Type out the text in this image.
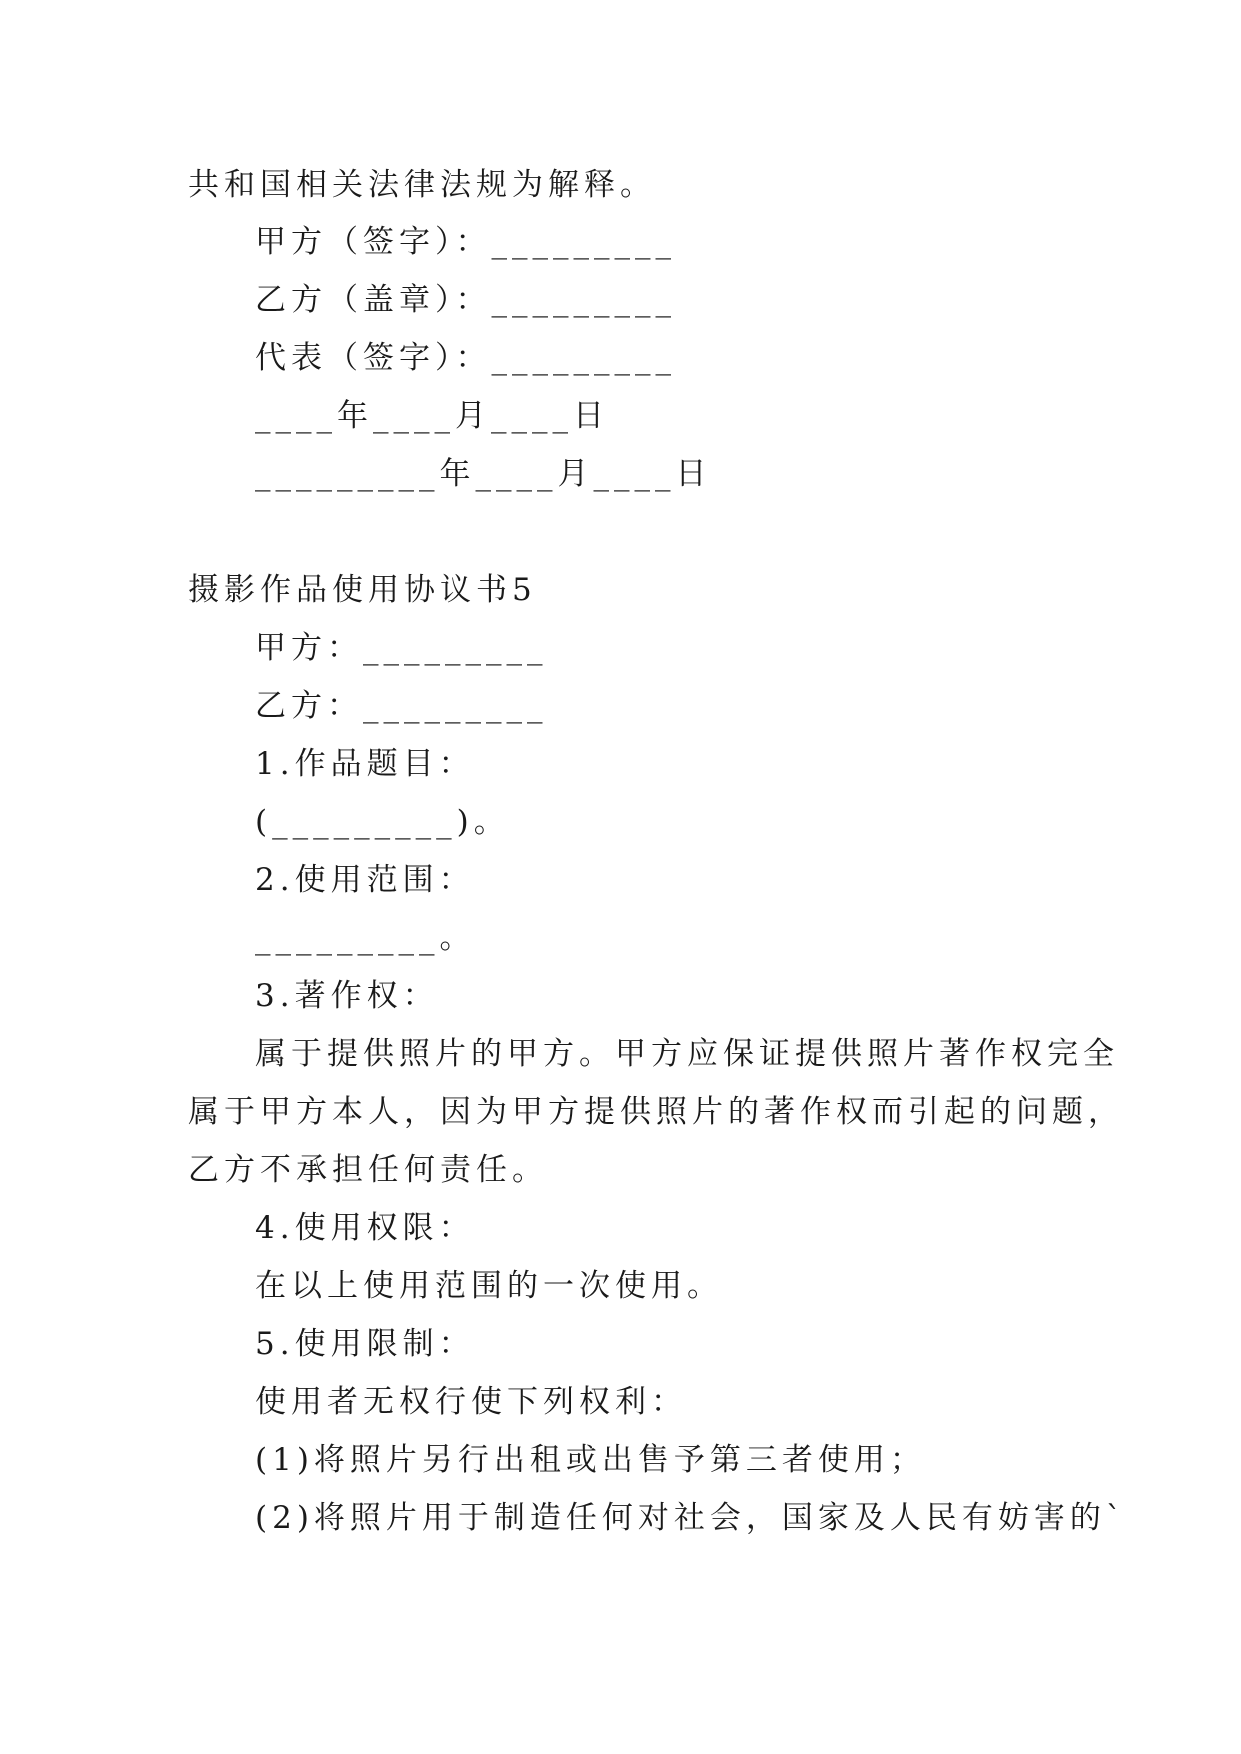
共和国相关法律法规为解释。

甲方（签字）：_________

乙方（盖章）：_________

代表（签字）：_________

____年____月____日

_________年____月____日

摄影作品使用协议书5

甲方：_________

乙方：_________

1.作品题目：

(_________)。

2.使用范围：

_________。

3.著作权：

属于提供照片的甲方。甲方应保证提供照片著作权完全

属于甲方本人，因为甲方提供照片的著作权而引起的问题，

乙方不承担任何责任。

4.使用权限：

在以上使用范围的一次使用。

5.使用限制：

使用者无权行使下列权利：

(1)将照片另行出租或出售予第三者使用；

(2)将照片用于制造任何对社会，国家及人民有妨害的`
